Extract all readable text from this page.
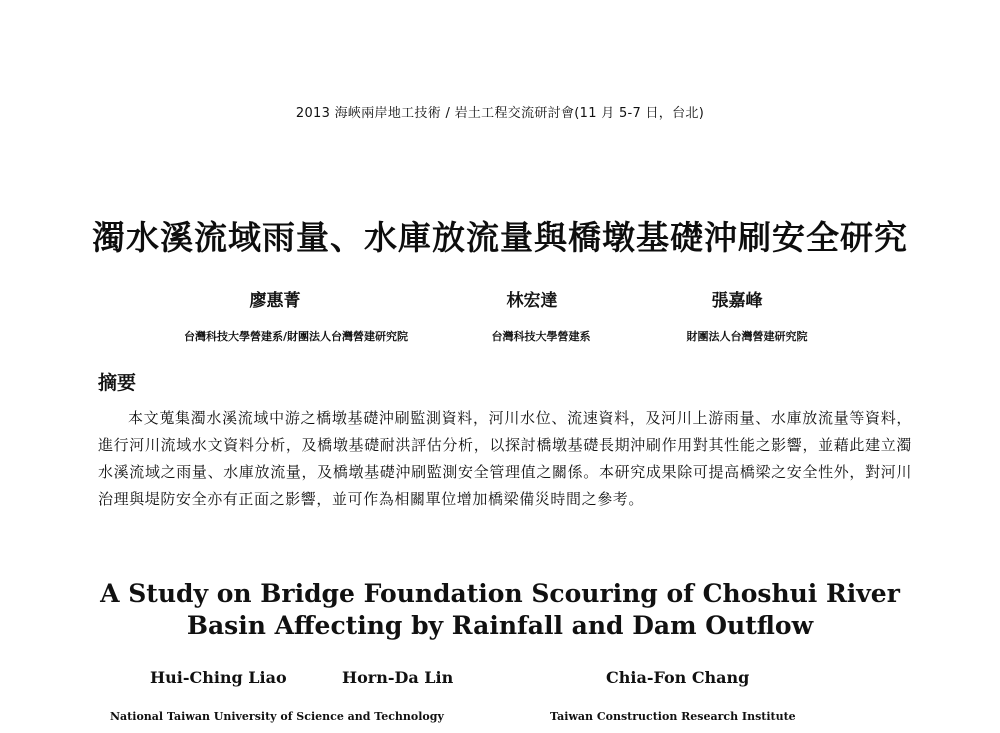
2013 海峽兩岸地工技術 / 岩土工程交流研討會(11 月 5-7 日，台北)
濁水溪流域雨量、水庫放流量與橋墩基礎沖刷安全研究
廖惠菁	林宏達	張嘉峰
台灣科技大學營建系/財團法人台灣營建研究院	台灣科技大學營建系	財團法人台灣營建研究院
摘要
本文蒐集濁水溪流域中游之橋墩基礎沖刷監測資料，河川水位、流速資料，及河川上游雨量、水庫放流量等資料，進行河川流域水文資料分析，及橋墩基礎耐洪評估分析，以探討橋墩基礎長期沖刷作用對其性能之影響，並藉此建立濁水溪流域之雨量、水庫放流量，及橋墩基礎沖刷監測安全管理值之關係。本研究成果除可提高橋梁之安全性外，對河川治理與堤防安全亦有正面之影響，並可作為相關單位增加橋梁備災時間之參考。
A Study on Bridge Foundation Scouring of Choshui River
Basin Affecting by Rainfall and Dam Outflow
Hui-Ching Liao	Horn-Da Lin	Chia-Fon Chang
National Taiwan University of Science and Technology	Taiwan Construction Research Institute
